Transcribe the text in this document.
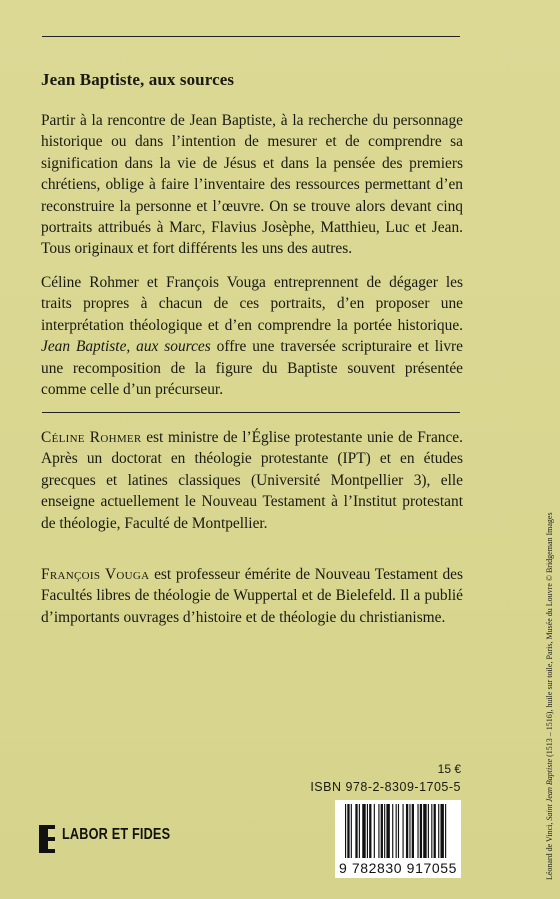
Jean Baptiste, aux sources

Partir à la rencontre de Jean Baptiste, à la recherche du personnage historique ou dans l’intention de mesurer et de comprendre sa signification dans la vie de Jésus et dans la pensée des premiers chrétiens, oblige à faire l’inventaire des ressources permettant d’en reconstruire la personne et l’œuvre. On se trouve alors devant cinq portraits attribués à Marc, Flavius Josèphe, Matthieu, Luc et Jean. Tous originaux et fort différents les uns des autres.

Céline Rohmer et François Vouga entreprennent de dégager les traits propres à chacun de ces portraits, d’en proposer une interprétation théologique et d’en comprendre la portée historique. Jean Baptiste, aux sources offre une traversée scripturaire et livre une recomposition de la figure du Baptiste souvent présentée comme celle d’un précurseur.

Céline Rohmer est ministre de l’Église protestante unie de France. Après un doctorat en théologie protestante (IPT) et en études grecques et latines classiques (Université Montpellier 3), elle enseigne actuellement le Nouveau Testament à l’Institut protestant de théologie, Faculté de Montpellier.

François Vouga est professeur émérite de Nouveau Testament des Facultés libres de théologie de Wuppertal et de Bielefeld. Il a publié d’importants ouvrages d’histoire et de théologie du christianisme.

15 €
ISBN 978-2-8309-1705-5
9 782830 917055
LABOR ET FIDES	Léonard de Vinci, Saint Jean Baptiste (1513 – 1516), huile sur toile, Paris, Musée du Louvre © Bridgeman Images
